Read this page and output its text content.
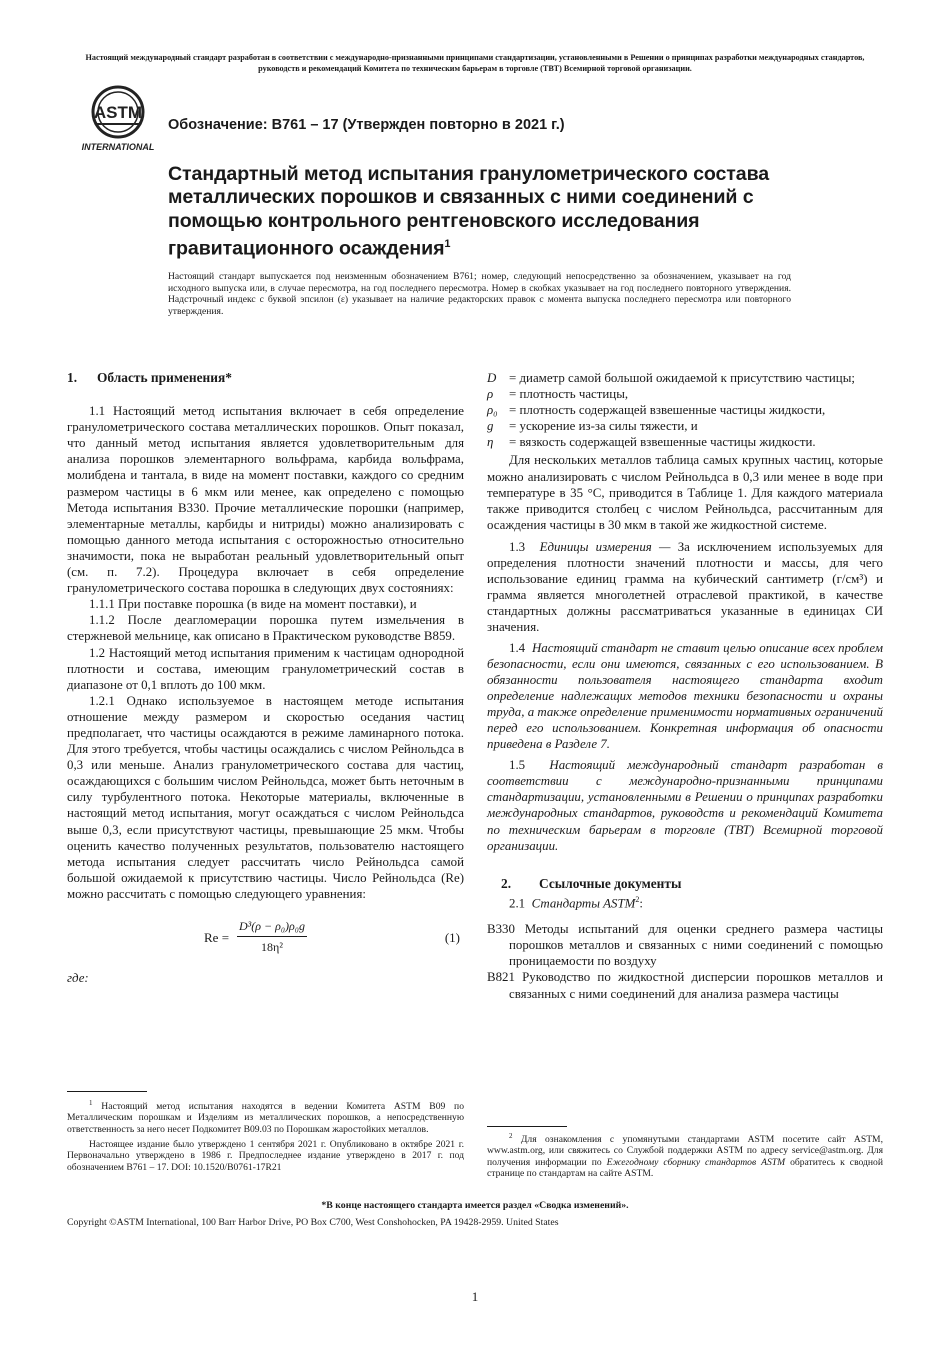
Настоящий международный стандарт разработан в соответствии с международно-признанными принципами стандартизации, установленными в Решении о принципах разработки международных стандартов, руководств и рекомендаций Комитета по техническим барьерам в торговле (ТВТ) Всемирной торговой организации.
ASTM
INTERNATIONAL
Обозначение: B761 – 17 (Утвержден повторно в 2021 г.)
Стандартный метод испытания гранулометрического состава металлических порошков и связанных с ними соединений с помощью контрольного рентгеновского исследования гравитационного осаждения$^1$
Настоящий стандарт выпускается под неизменным обозначением B761; номер, следующий непосредственно за обозначением, указывает на год исходного выпуска или, в случае пересмотра, на год последнего пересмотра. Номер в скобках указывает на год последнего повторного утверждения. Надстрочный индекс с буквой эпсилон (ε) указывает на наличие редакторских правок с момента выпуска последнего пересмотра или повторного утверждения.
1. Область применения*

1.1 Настоящий метод испытания включает в себя определение гранулометрического состава металлических порошков. Опыт показал, что данный метод испытания является удовлетворительным для анализа порошков элементарного вольфрама, карбида вольфрама, молибдена и тантала, в виде на момент поставки, каждого со средним размером частицы в 6 мкм или менее, как определено с помощью Метода испытания B330. Прочие металлические порошки (например, элементарные металлы, карбиды и нитриды) можно анализировать с помощью данного метода испытания с осторожностью относительно значимости, пока не выработан реальный удовлетворительный опыт (см. п. 7.2). Процедура включает в себя определение гранулометрического состава порошка в следующих двух состояниях:

1.1.1 При поставке порошка (в виде на момент поставки), и

1.1.2 После деагломерации порошка путем измельчения в стержневой мельнице, как описано в Практическом руководстве B859.

1.2 Настоящий метод испытания применим к частицам однородной плотности и состава, имеющим гранулометрический состав в диапазоне от 0,1 вплоть до 100 мкм.

1.2.1 Однако используемое в настоящем методе испытания отношение между размером и скоростью оседания частиц предполагает, что частицы осаждаются в режиме ламинарного потока. Для этого требуется, чтобы частицы осаждались с числом Рейнольдса в 0,3 или меньше. Анализ гранулометрического состава для частиц, осаждающихся с большим числом Рейнольдса, может быть неточным в силу турбулентного потока. Некоторые материалы, включенные в настоящий метод испытания, могут осаждаться с числом Рейнольдса выше 0,3, если присутствуют частицы, превышающие 25 мкм. Чтобы оценить качество полученных результатов, пользователю настоящего метода испытания следует рассчитать число Рейнольдса самой большой ожидаемой к присутствию частицы. Число Рейнольдса (Re) можно рассчитать с помощью следующего уравнения:

$Re = \frac{\text{D³(ρ − ρ₀)ρ₀g}}{\text{18η²}}$	(1)

где:

$^1$ Настоящий метод испытания находятся в ведении Комитета ASTM B09 по Металлическим порошкам и Изделиям из металлических порошков, а непосредственную ответственность за него несет Подкомитет B09.03 по Порошкам жаростойких металлов.

Настоящее издание было утверждено 1 сентября 2021 г. Опубликовано в октябре 2021 г. Первоначально утверждено в 1986 г. Предпоследнее издание утверждено в 2017 г. под обозначением B761 – 17. DOI: 10.1520/B0761-17R21

D = диаметр самой большой ожидаемой к присутствию частицы;
ρ = плотность частицы,
ρ₀ = плотность содержащей взвешенные частицы жидкости,
g = ускорение из-за силы тяжести, и
η = вязкость содержащей взвешенные частицы жидкости.

Для нескольких металлов таблица самых крупных частиц, которые можно анализировать с числом Рейнольдса в 0,3 или менее в воде при температуре в 35 °C, приводится в Таблице 1. Для каждого материала также приводится столбец с числом Рейнольдса, рассчитанным для осаждения частицы в 30 мкм в такой же жидкостной системе.

1.3 Единицы измерения — За исключением используемых для определения плотности значений плотности и массы, для чего использование единиц грамма на кубический сантиметр (г/см³) и грамма является многолетней отраслевой практикой, в качестве стандартных должны рассматриваться указанные в единицах СИ значения.

1.4 Настоящий стандарт не ставит целью описание всех проблем безопасности, если они имеются, связанных с его использованием. В обязанности пользователя настоящего стандарта входит определение надлежащих методов техники безопасности и охраны труда, а также определение применимости нормативных ограничений перед его использованием. Конкретная информация об опасности приведена в Разделе 7.

1.5 Настоящий международный стандарт разработан в соответствии с международно-признанными принципами стандартизации, установленными в Решении о принципах разработки международных стандартов, руководств и рекомендаций Комитета по техническим барьерам в торговле (ТВТ) Всемирной торговой организации.

2. Ссылочные документы

2.1 Стандарты ASTM$^2$:

B330 Методы испытаний для оценки среднего размера частицы порошков металлов и связанных с ними соединений с помощью проницаемости по воздуху

B821 Руководство по жидкостной дисперсии порошков металлов и связанных с ними соединений для анализа размера частицы

$^2$ Для ознакомления с упомянутыми стандартами ASTM посетите сайт ASTM, www.astm.org, или свяжитесь со Службой поддержки ASTM по адресу service@astm.org. Для получения информации по Ежегодному сборнику стандартов ASTM обратитесь к сводной странице по стандартам на сайте ASTM.

*В конце настоящего стандарта имеется раздел «Сводка изменений».
Copyright ©ASTM International, 100 Barr Harbor Drive, PO Box C700, West Conshohocken, PA 19428-2959. United States
1
